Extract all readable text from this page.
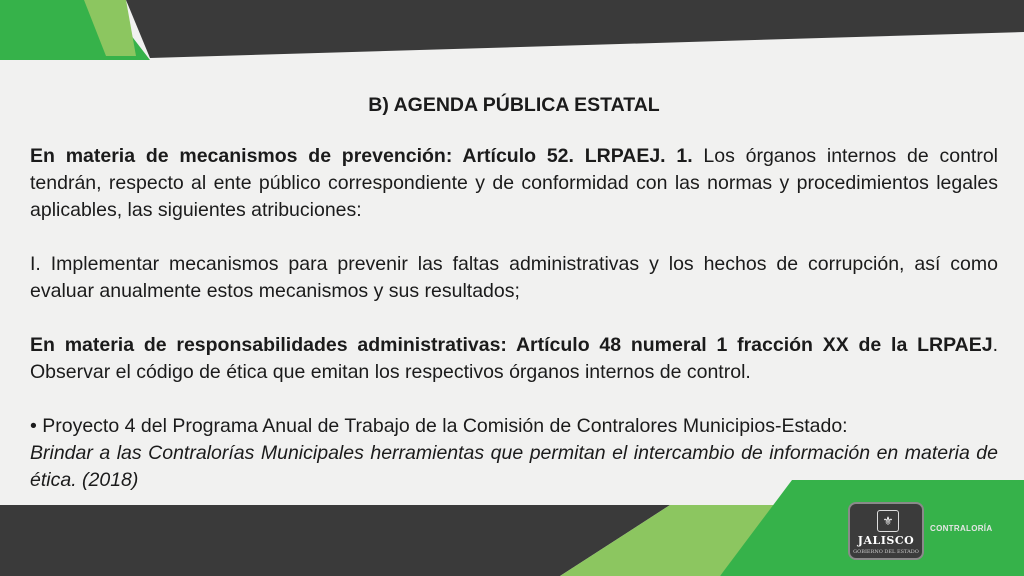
B) AGENDA PÚBLICA ESTATAL

En materia de mecanismos de prevención: Artículo 52. LRPAEJ. 1. Los órganos internos de control tendrán, respecto al ente público correspondiente y de conformidad con las normas y procedimientos legales aplicables, las siguientes atribuciones:

I. Implementar mecanismos para prevenir las faltas administrativas y los hechos de corrupción, así como evaluar anualmente estos mecanismos y sus resultados;

En materia de responsabilidades administrativas: Artículo 48 numeral 1 fracción XX de la LRPAEJ. Observar el código de ética que emitan los respectivos órganos internos de control.

• Proyecto 4 del Programa Anual de Trabajo de la Comisión de Contralores Municipios-Estado:
Brindar a las Contralorías Municipales herramientas que permitan el intercambio de información en materia de ética. (2018)

⚜
JALISCO
GOBIERNO DEL ESTADO
CONTRALORÍA
